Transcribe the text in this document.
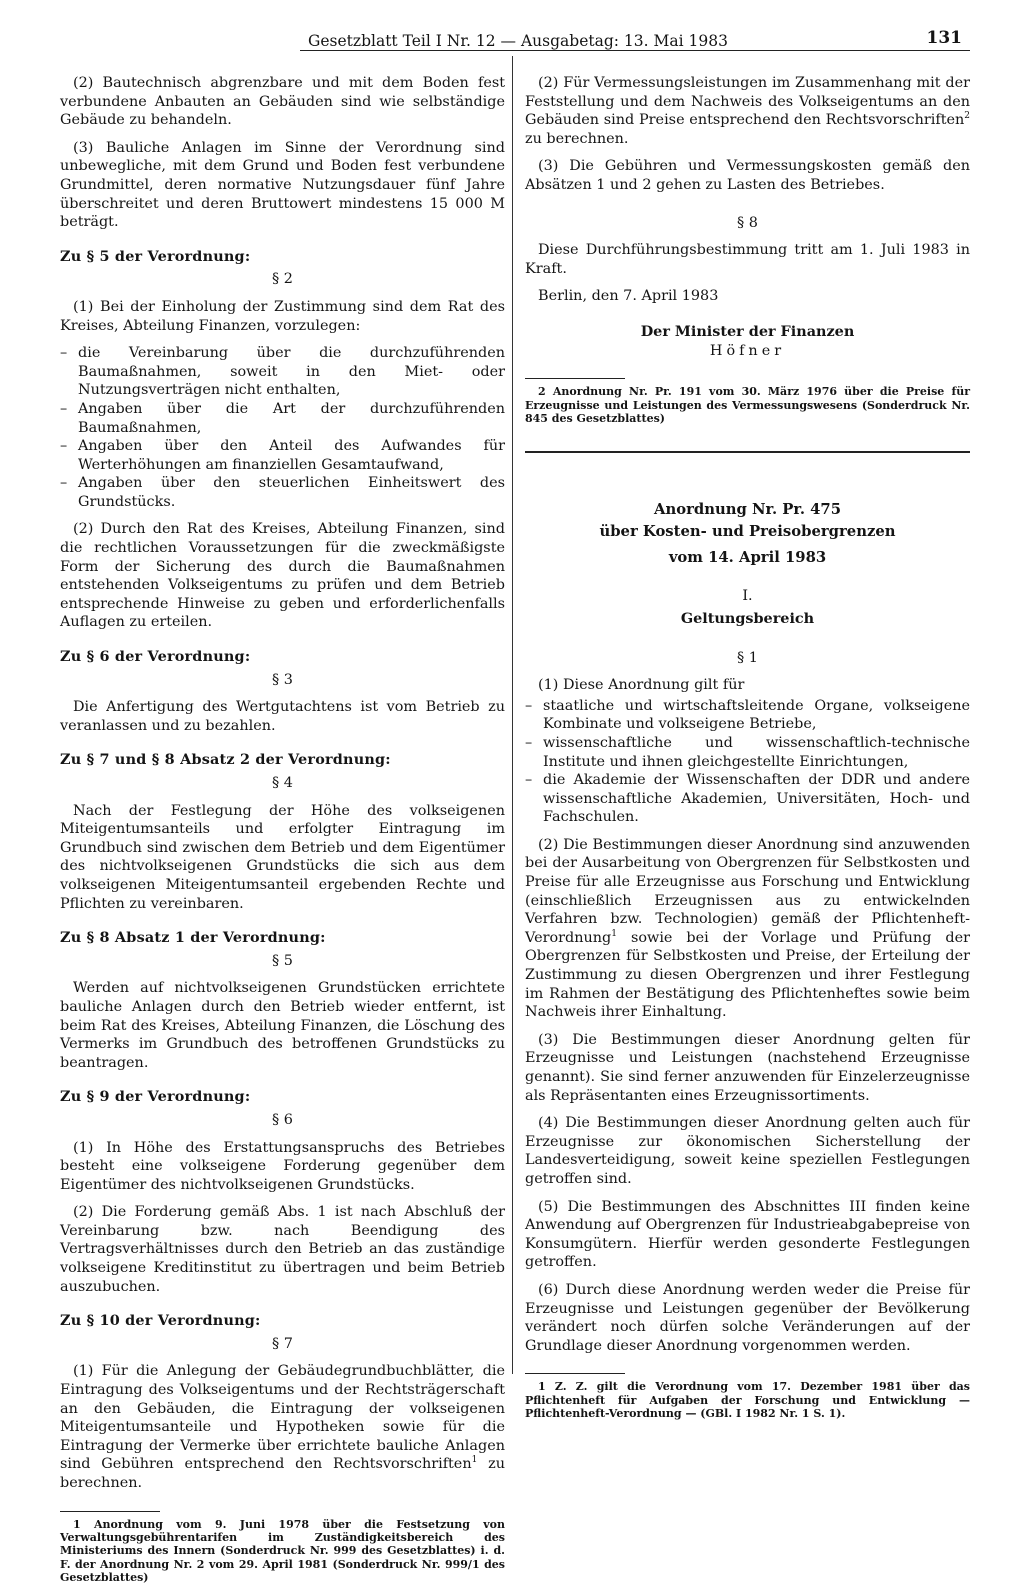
Gesetzblatt Teil I Nr. 12 — Ausgabetag: 13. Mai 1983	131

(2) Bautechnisch abgrenzbare und mit dem Boden fest verbundene Anbauten an Gebäuden sind wie selbständige Gebäude zu behandeln.

(3) Bauliche Anlagen im Sinne der Verordnung sind unbewegliche, mit dem Grund und Boden fest verbundene Grundmittel, deren normative Nutzungsdauer fünf Jahre überschreitet und deren Bruttowert mindestens 15 000 M beträgt.

Zu § 5 der Verordnung:
§ 2

(1) Bei der Einholung der Zustimmung sind dem Rat des Kreises, Abteilung Finanzen, vorzulegen:

– die Vereinbarung über die durchzuführenden Baumaßnahmen, soweit in den Miet- oder Nutzungsverträgen nicht enthalten,
– Angaben über die Art der durchzuführenden Baumaßnahmen,
– Angaben über den Anteil des Aufwandes für Werterhöhungen am finanziellen Gesamtaufwand,
– Angaben über den steuerlichen Einheitswert des Grundstücks.

(2) Durch den Rat des Kreises, Abteilung Finanzen, sind die rechtlichen Voraussetzungen für die zweckmäßigste Form der Sicherung des durch die Baumaßnahmen entstehenden Volkseigentums zu prüfen und dem Betrieb entsprechende Hinweise zu geben und erforderlichenfalls Auflagen zu erteilen.

Zu § 6 der Verordnung:
§ 3

Die Anfertigung des Wertgutachtens ist vom Betrieb zu veranlassen und zu bezahlen.

Zu § 7 und § 8 Absatz 2 der Verordnung:
§ 4

Nach der Festlegung der Höhe des volkseigenen Miteigentumsanteils und erfolgter Eintragung im Grundbuch sind zwischen dem Betrieb und dem Eigentümer des nichtvolkseigenen Grundstücks die sich aus dem volkseigenen Miteigentumsanteil ergebenden Rechte und Pflichten zu vereinbaren.

Zu § 8 Absatz 1 der Verordnung:
§ 5

Werden auf nichtvolkseigenen Grundstücken errichtete bauliche Anlagen durch den Betrieb wieder entfernt, ist beim Rat des Kreises, Abteilung Finanzen, die Löschung des Vermerks im Grundbuch des betroffenen Grundstücks zu beantragen.

Zu § 9 der Verordnung:
§ 6

(1) In Höhe des Erstattungsanspruchs des Betriebes besteht eine volkseigene Forderung gegenüber dem Eigentümer des nichtvolkseigenen Grundstücks.

(2) Die Forderung gemäß Abs. 1 ist nach Abschluß der Vereinbarung bzw. nach Beendigung des Vertragsverhältnisses durch den Betrieb an das zuständige volkseigene Kreditinstitut zu übertragen und beim Betrieb auszubuchen.

Zu § 10 der Verordnung:
§ 7

(1) Für die Anlegung der Gebäudegrundbuchblätter, die Eintragung des Volkseigentums und der Rechtsträgerschaft an den Gebäuden, die Eintragung der volkseigenen Miteigentumsanteile und Hypotheken sowie für die Eintragung der Vermerke über errichtete bauliche Anlagen sind Gebühren entsprechend den Rechtsvorschriften$^1$ zu berechnen.

1 Anordnung vom 9. Juni 1978 über die Festsetzung von Verwaltungsgebührentarifen im Zuständigkeitsbereich des Ministeriums des Innern (Sonderdruck Nr. 999 des Gesetzblattes) i. d. F. der Anordnung Nr. 2 vom 29. April 1981 (Sonderdruck Nr. 999/1 des Gesetzblattes)

(2) Für Vermessungsleistungen im Zusammenhang mit der Feststellung und dem Nachweis des Volkseigentums an den Gebäuden sind Preise entsprechend den Rechtsvorschriften$^2$ zu berechnen.

(3) Die Gebühren und Vermessungskosten gemäß den Absätzen 1 und 2 gehen zu Lasten des Betriebes.

§ 8

Diese Durchführungsbestimmung tritt am 1. Juli 1983 in Kraft.

Berlin, den 7. April 1983

Der Minister der Finanzen
Höfner

2 Anordnung Nr. Pr. 191 vom 30. März 1976 über die Preise für Erzeugnisse und Leistungen des Vermessungswesens (Sonderdruck Nr. 845 des Gesetzblattes)

Anordnung Nr. Pr. 475
über Kosten- und Preisobergrenzen
vom 14. April 1983
I.
Geltungsbereich
§ 1

(1) Diese Anordnung gilt für

– staatliche und wirtschaftsleitende Organe, volkseigene Kombinate und volkseigene Betriebe,
– wissenschaftliche und wissenschaftlich-technische Institute und ihnen gleichgestellte Einrichtungen,
– die Akademie der Wissenschaften der DDR und andere wissenschaftliche Akademien, Universitäten, Hoch- und Fachschulen.

(2) Die Bestimmungen dieser Anordnung sind anzuwenden bei der Ausarbeitung von Obergrenzen für Selbstkosten und Preise für alle Erzeugnisse aus Forschung und Entwicklung (einschließlich Erzeugnissen aus zu entwickelnden Verfahren bzw. Technologien) gemäß der Pflichtenheft-Verordnung$^1$ sowie bei der Vorlage und Prüfung der Obergrenzen für Selbstkosten und Preise, der Erteilung der Zustimmung zu diesen Obergrenzen und ihrer Festlegung im Rahmen der Bestätigung des Pflichtenheftes sowie beim Nachweis ihrer Einhaltung.

(3) Die Bestimmungen dieser Anordnung gelten für Erzeugnisse und Leistungen (nachstehend Erzeugnisse genannt). Sie sind ferner anzuwenden für Einzelerzeugnisse als Repräsentanten eines Erzeugnissortiments.

(4) Die Bestimmungen dieser Anordnung gelten auch für Erzeugnisse zur ökonomischen Sicherstellung der Landesverteidigung, soweit keine speziellen Festlegungen getroffen sind.

(5) Die Bestimmungen des Abschnittes III finden keine Anwendung auf Obergrenzen für Industrieabgabepreise von Konsumgütern. Hierfür werden gesonderte Festlegungen getroffen.

(6) Durch diese Anordnung werden weder die Preise für Erzeugnisse und Leistungen gegenüber der Bevölkerung verändert noch dürfen solche Veränderungen auf der Grundlage dieser Anordnung vorgenommen werden.

1 Z. Z. gilt die Verordnung vom 17. Dezember 1981 über das Pflichtenheft für Aufgaben der Forschung und Entwicklung — Pflichtenheft-Verordnung — (GBl. I 1982 Nr. 1 S. 1).
